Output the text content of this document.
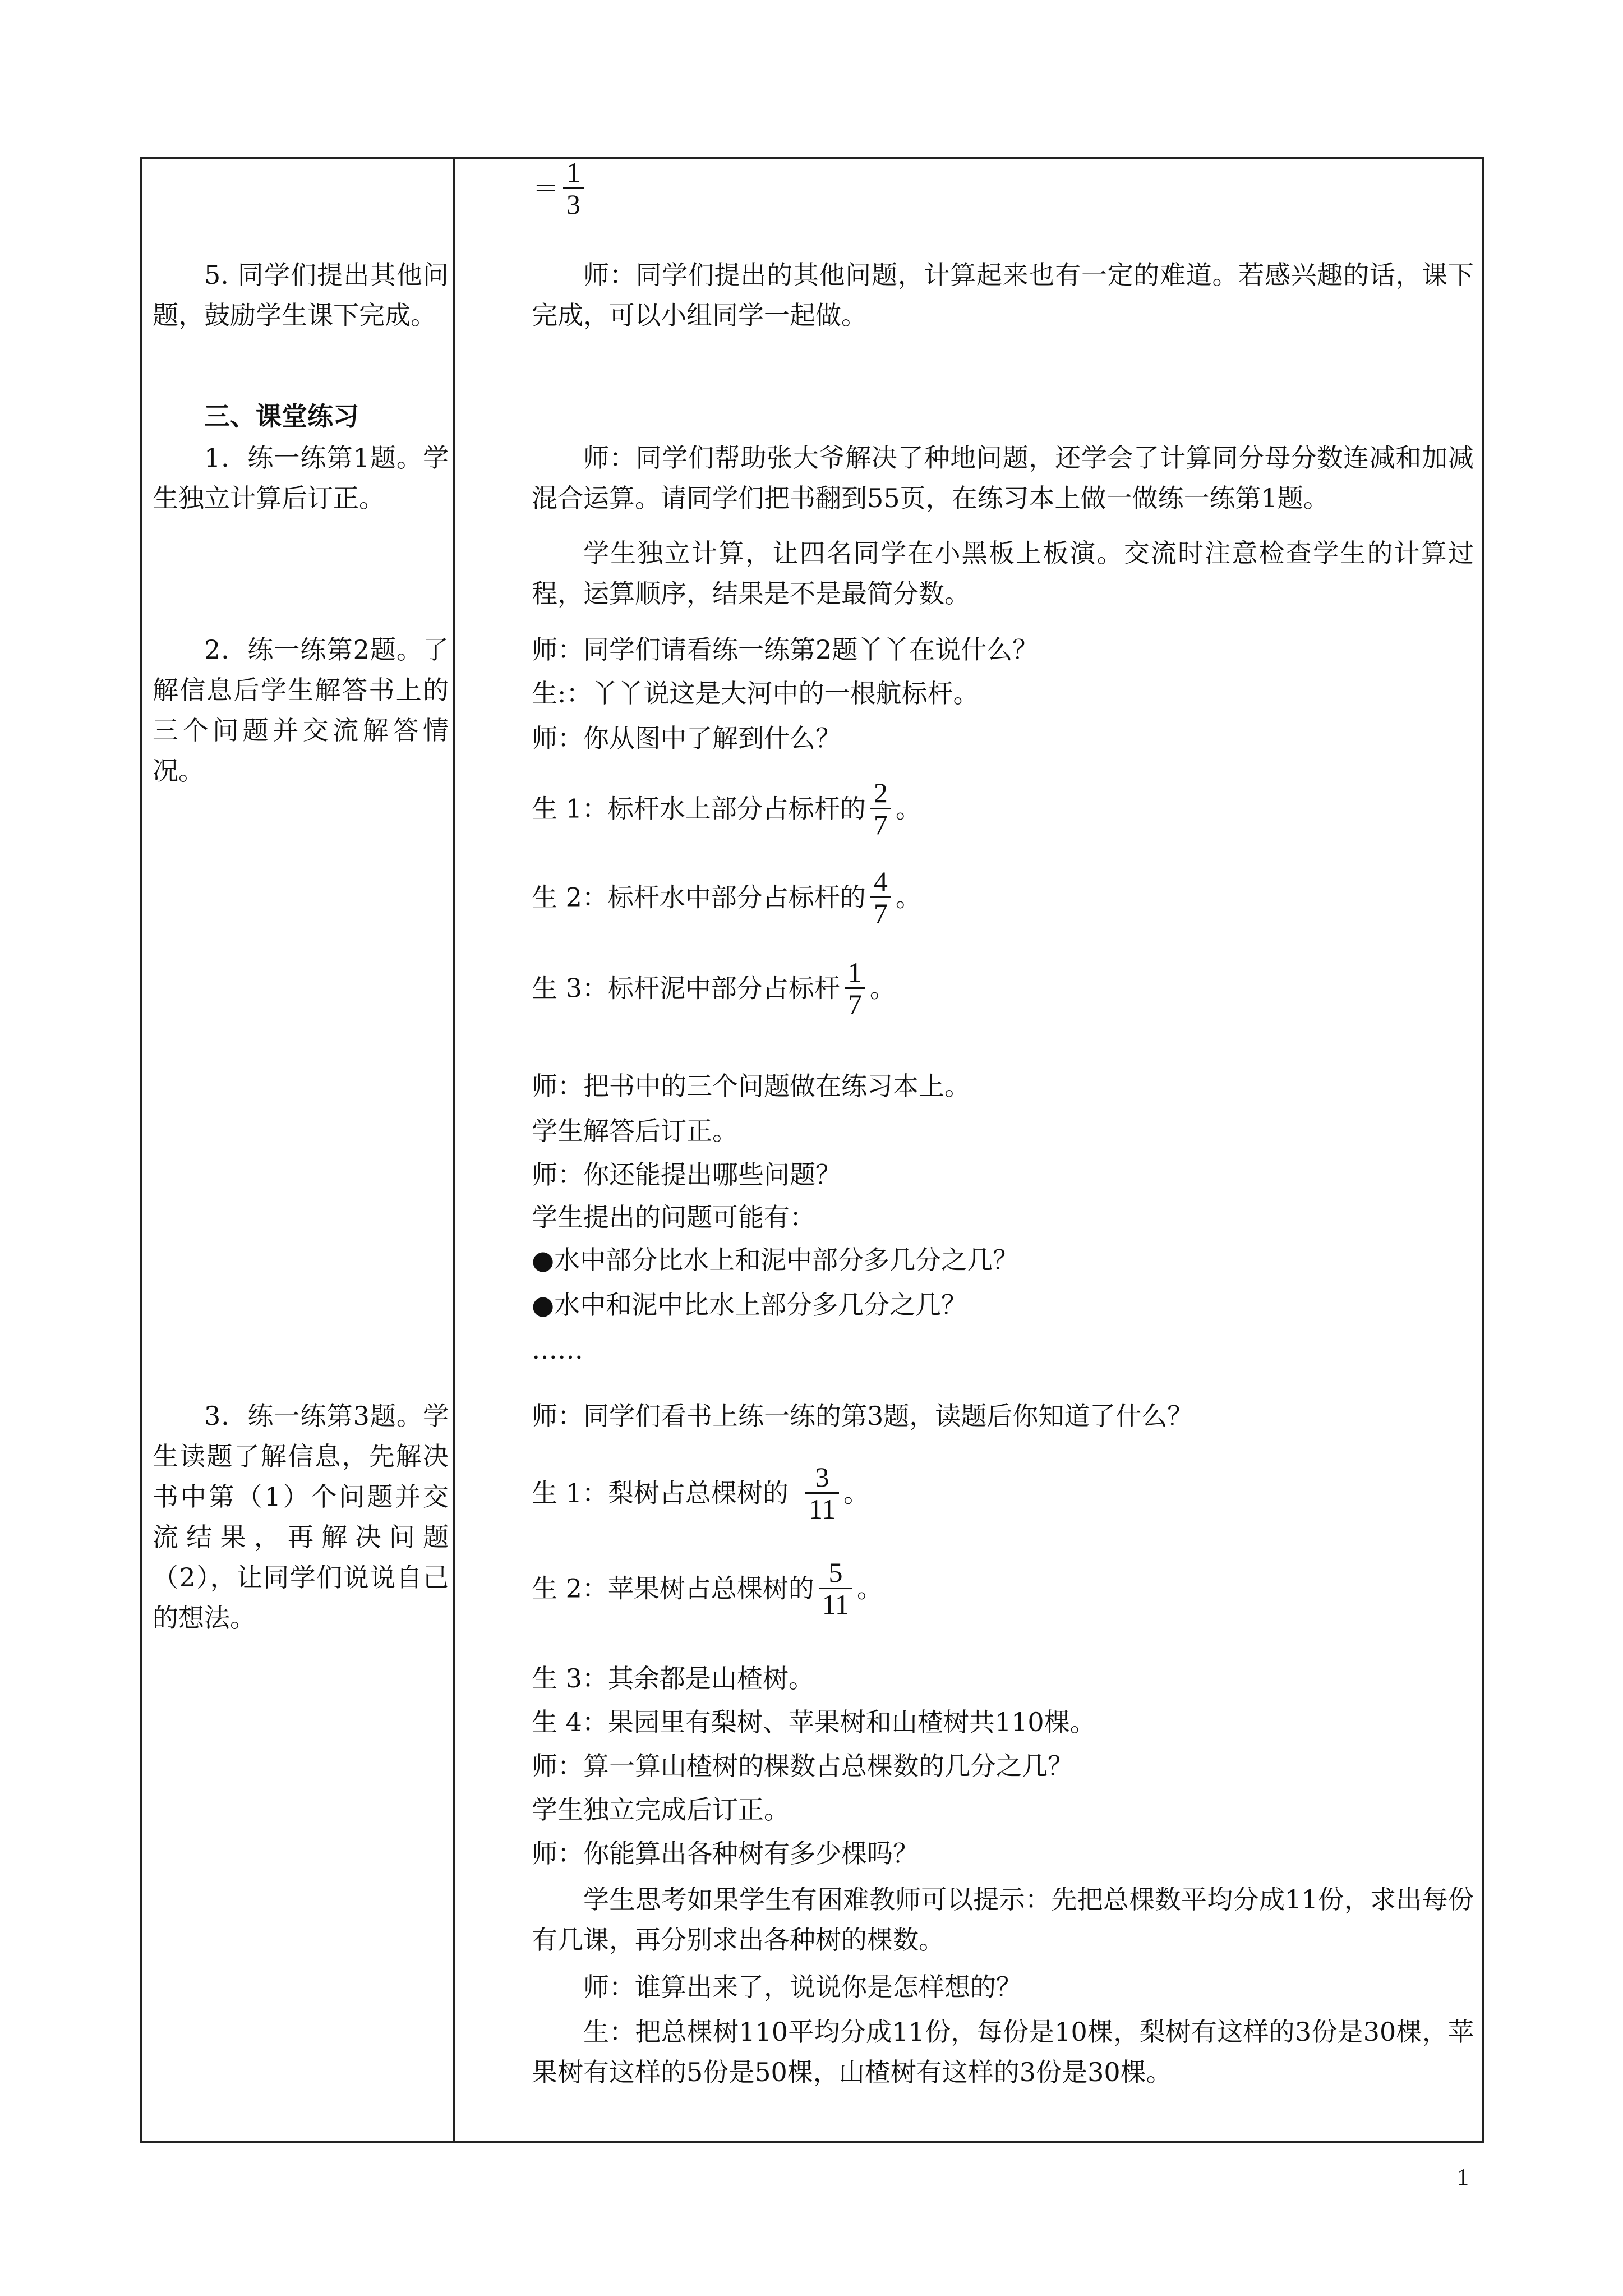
＝ $\frac{1}{3}$
5. 同学们提出其他问题，鼓励学生课下完成。
三、课堂练习
1．练一练第1题。学生独立计算后订正。
2．练一练第2题。了解信息后学生解答书上的三个问题并交流解答情况。
3．练一练第3题。学生读题了解信息，先解决书中第（1）个问题并交流结果，再解决问题（2），让同学们说说自己的想法。
师：同学们提出的其他问题，计算起来也有一定的难道。若感兴趣的话，课下完成，可以小组同学一起做。
师：同学们帮助张大爷解决了种地问题，还学会了计算同分母分数连减和加减混合运算。请同学们把书翻到55页，在练习本上做一做练一练第1题。
学生独立计算，让四名同学在小黑板上板演。交流时注意检查学生的计算过程，运算顺序，结果是不是最简分数。
师：同学们请看练一练第2题丫丫在说什么？
生:：丫丫说这是大河中的一根航标杆。
师：你从图中了解到什么？
生 1：标杆水上部分占标杆的 $\frac{2}{7}$ 。
生 2：标杆水中部分占标杆的 $\frac{4}{7}$ 。
生 3：标杆泥中部分占标杆 $\frac{1}{7}$ 。
师：把书中的三个问题做在练习本上。
学生解答后订正。
师：你还能提出哪些问题？
学生提出的问题可能有：
●水中部分比水上和泥中部分多几分之几？
●水中和泥中比水上部分多几分之几？
……
师：同学们看书上练一练的第3题，读题后你知道了什么？
生 1：梨树占总棵树的 $\frac{3}{11}$ 。
生 2：苹果树占总棵树的 $\frac{5}{11}$ 。
生 3：其余都是山楂树。
生 4：果园里有梨树、苹果树和山楂树共110棵。
师：算一算山楂树的棵数占总棵数的几分之几？
学生独立完成后订正。
师：你能算出各种树有多少棵吗？
学生思考如果学生有困难教师可以提示：先把总棵数平均分成11份，求出每份有几课，再分别求出各种树的棵数。
师：谁算出来了，说说你是怎样想的？
生：把总棵树110平均分成11份，每份是10棵，梨树有这样的3份是30棵，苹果树有这样的5份是50棵，山楂树有这样的3份是30棵。
1
